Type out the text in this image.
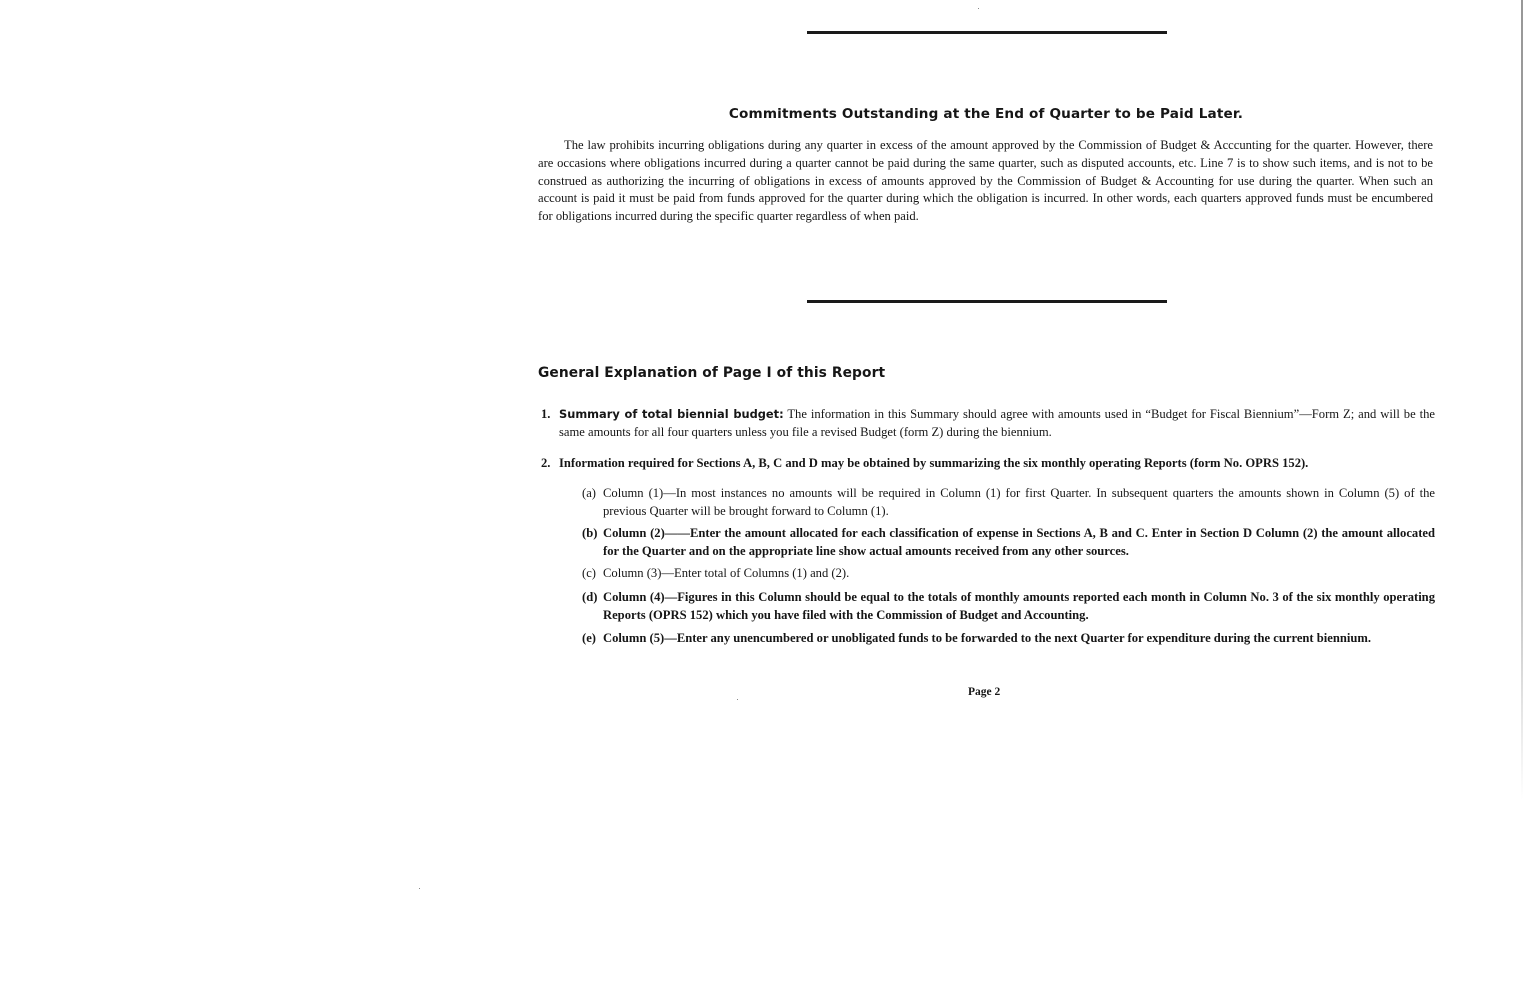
Commitments Outstanding at the End of Quarter to be Paid Later.

The law prohibits incurring obligations during any quarter in excess of the amount approved by the Commission of Budget & Acccunting for the quarter. However, there are occasions where obligations incurred during a quarter cannot be paid during the same quarter, such as disputed accounts, etc. Line 7 is to show such items, and is not to be construed as authorizing the incurring of obligations in excess of amounts approved by the Commission of Budget & Accounting for use during the quarter. When such an account is paid it must be paid from funds approved for the quarter during which the obligation is incurred. In other words, each quarters approved funds must be encumbered for obligations incurred during the specific quarter regardless of when paid.

General Explanation of Page I of this Report
1. Summary of total biennial budget: The information in this Summary should agree with amounts used in “Budget for Fiscal Biennium”—Form Z; and will be the same amounts for all four quarters unless you file a revised Budget (form Z) during the biennium.
2. Information required for Sections A, B, C and D may be obtained by summarizing the six monthly operating Reports (form No. OPRS 152).
(a) Column (1)—In most instances no amounts will be required in Column (1) for first Quarter. In subsequent quarters the amounts shown in Column (5) of the previous Quarter will be brought forward to Column (1).
(b) Column (2)——Enter the amount allocated for each classification of expense in Sections A, B and C. Enter in Section D Column (2) the amount allocated for the Quarter and on the appropriate line show actual amounts received from any other sources.
(c) Column (3)—Enter total of Columns (1) and (2).
(d) Column (4)—Figures in this Column should be equal to the totals of monthly amounts reported each month in Column No. 3 of the six monthly operating Reports (OPRS 152) which you have filed with the Commission of Budget and Accounting.
(e) Column (5)—Enter any unencumbered or unobligated funds to be forwarded to the next Quarter for expenditure during the current biennium.
Page 2
